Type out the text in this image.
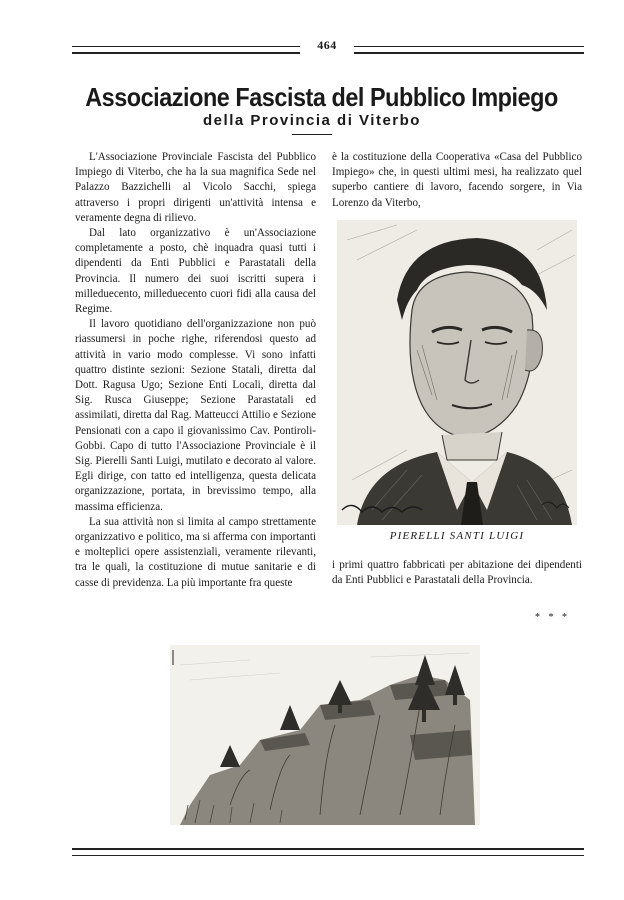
464
Associazione Fascista del Pubblico Impiego
della Provincia di Viterbo

L'Associazione Provinciale Fascista del Pubblico Impiego di Viterbo, che ha la sua magnifica Sede nel Palazzo Bazzichelli al Vicolo Sacchi, spiega attraverso i propri dirigenti un'attività intensa e veramente degna di rilievo.

Dal lato organizzativo è un'Associazione completamente a posto, chè inquadra quasi tutti i dipendenti da Enti Pubblici e Parastatali della Provincia. Il numero dei suoi iscritti supera i milleduecento, milleduecento cuori fidi alla causa del Regime.

Il lavoro quotidiano dell'organizzazione non può riassumersi in poche righe, riferendosi questo ad attività in vario modo complesse. Vi sono infatti quattro distinte sezioni: Sezione Statali, diretta dal Dott. Ragusa Ugo; Sezione Enti Locali, diretta dal Sig. Rusca Giuseppe; Sezione Parastatali ed assimilati, diretta dal Rag. Matteucci Attilio e Sezione Pensionati con a capo il giovanissimo Cav. Pontiroli-Gobbi. Capo di tutto l'Associazione Provinciale è il Sig. Pierelli Santi Luigi, mutilato e decorato al valore. Egli dirige, con tatto ed intelligenza, questa delicata organizzazione, portata, in brevissimo tempo, alla massima efficienza.

La sua attività non si limita al campo strettamente organizzativo e politico, ma si afferma con importanti e molteplici opere assistenziali, veramente rilevanti, tra le quali, la costituzione di mutue sanitarie e di casse di previdenza. La più importante fra queste

è la costituzione della Cooperativa «Casa del Pubblico Impiego» che, in questi ultimi mesi, ha realizzato quel superbo cantiere di lavoro, facendo sorgere, in Via Lorenzo da Viterbo,

PIERELLI SANTI LUIGI

i primi quattro fabbricati per abitazione dei dipendenti da Enti Pubblici e Parastatali della Provincia.

* * *
